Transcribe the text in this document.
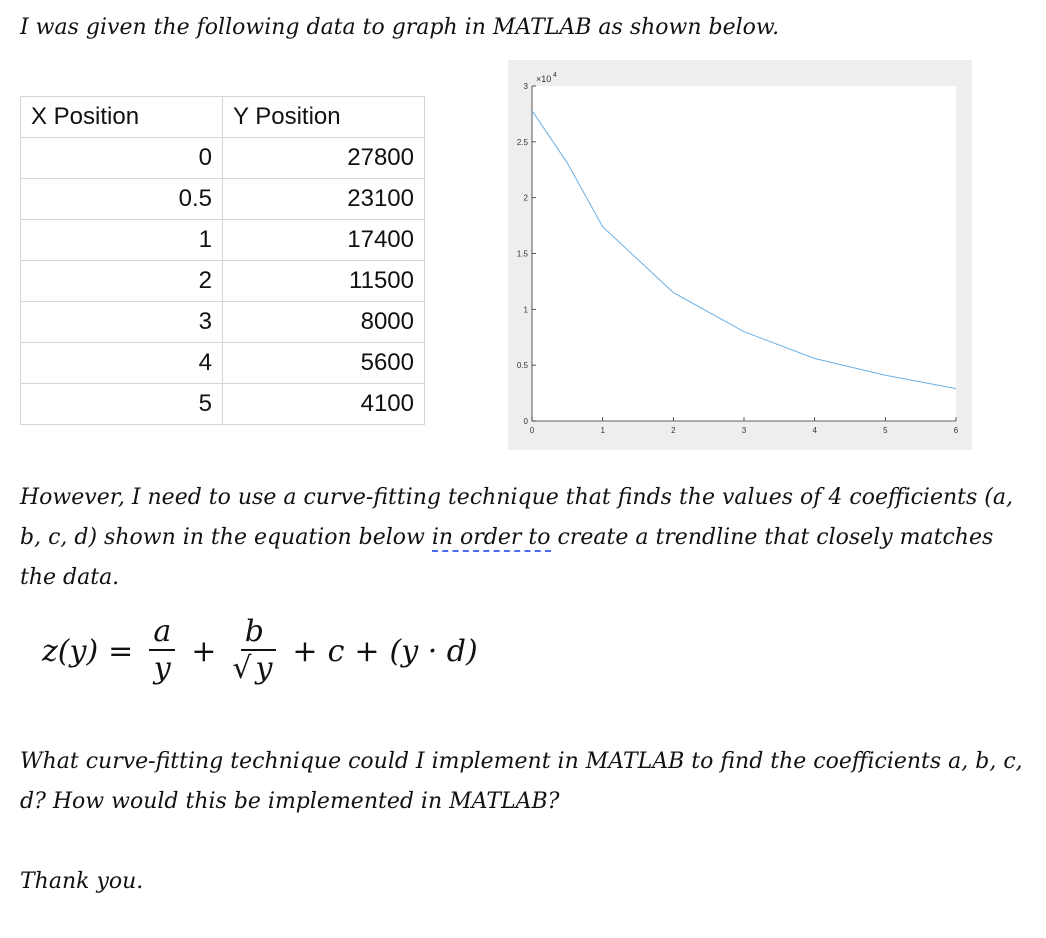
I was given the following data to graph in MATLAB as shown below.
X Position	Y Position
0	27800
0.5	23100
1	17400
2	11500
3	8000
4	5600
5	4100
0	1	2	3	4	5	6
0
0.5
1
1.5
2
2.5
3
×10 4
However, I need to use a curve-fitting technique that finds the values of 4 coefficients (a, b, c, d) shown in the equation below in order to create a trendline that closely matches the data.
$z(y) = \frac{a}{y} + \frac{b}{√ y} + c + (y \cdot d)$
What curve-fitting technique could I implement in MATLAB to find the coefficients a, b, c, d? How would this be implemented in MATLAB?
Thank you.
